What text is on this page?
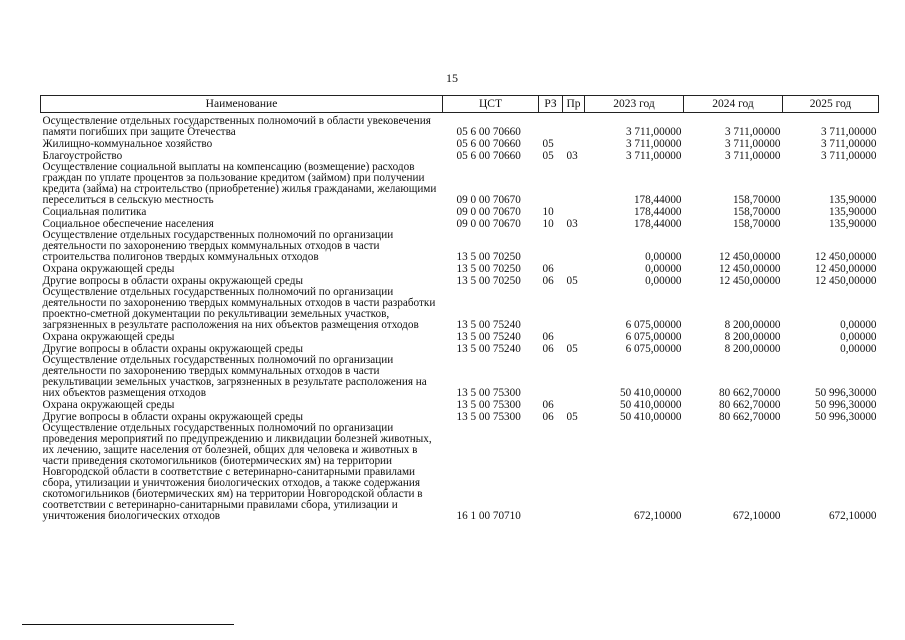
15
Наименование	ЦСТ	РЗ	Пр	2023 год	2024 год	2025 год
Осуществление отдельных государственных полномочий в области увековечения памяти погибших при защите Отечества	05 6 00 70660			3 711,00000	3 711,00000	3 711,00000
Жилищно-коммунальное хозяйство	05 6 00 70660	05		3 711,00000	3 711,00000	3 711,00000
Благоустройство	05 6 00 70660	05	03	3 711,00000	3 711,00000	3 711,00000
Осуществление социальной выплаты на компенсацию (возмещение) расходов граждан по уплате процентов за пользование кредитом (займом) при получении кредита (займа) на строительство (приобретение) жилья гражданами, желающими переселиться в сельскую местность	09 0 00 70670			178,44000	158,70000	135,90000
Социальная политика	09 0 00 70670	10		178,44000	158,70000	135,90000
Социальное обеспечение населения	09 0 00 70670	10	03	178,44000	158,70000	135,90000
Осуществление отдельных государственных полномочий по организации деятельности по захоронению твердых коммунальных отходов в части строительства полигонов твердых коммунальных отходов	13 5 00 70250			0,00000	12 450,00000	12 450,00000
Охрана окружающей среды	13 5 00 70250	06		0,00000	12 450,00000	12 450,00000
Другие вопросы в области охраны окружающей среды	13 5 00 70250	06	05	0,00000	12 450,00000	12 450,00000
Осуществление отдельных государственных полномочий по организации деятельности по захоронению твердых коммунальных отходов в части разработки проектно-сметной документации по рекультивации земельных участков, загрязненных в результате расположения на них объектов размещения отходов	13 5 00 75240			6 075,00000	8 200,00000	0,00000
Охрана окружающей среды	13 5 00 75240	06		6 075,00000	8 200,00000	0,00000
Другие вопросы в области охраны окружающей среды	13 5 00 75240	06	05	6 075,00000	8 200,00000	0,00000
Осуществление отдельных государственных полномочий по организации деятельности по захоронению твердых коммунальных отходов в части рекультивации земельных участков, загрязненных в результате расположения на них объектов размещения отходов	13 5 00 75300			50 410,00000	80 662,70000	50 996,30000
Охрана окружающей среды	13 5 00 75300	06		50 410,00000	80 662,70000	50 996,30000
Другие вопросы в области охраны окружающей среды	13 5 00 75300	06	05	50 410,00000	80 662,70000	50 996,30000
Осуществление отдельных государственных полномочий по организации проведения мероприятий по предупреждению и ликвидации болезней животных, их лечению, защите населения от болезней, общих для человека и животных в части приведения скотомогильников (биотермических ям) на территории Новгородской области в соответствие с ветеринарно-санитарными правилами сбора, утилизации и уничтожения биологических отходов, а также содержания скотомогильников (биотермических ям) на территории Новгородской области в соответствии с ветеринарно-санитарными правилами сбора, утилизации и уничтожения биологических отходов	16 1 00 70710			672,10000	672,10000	672,10000
